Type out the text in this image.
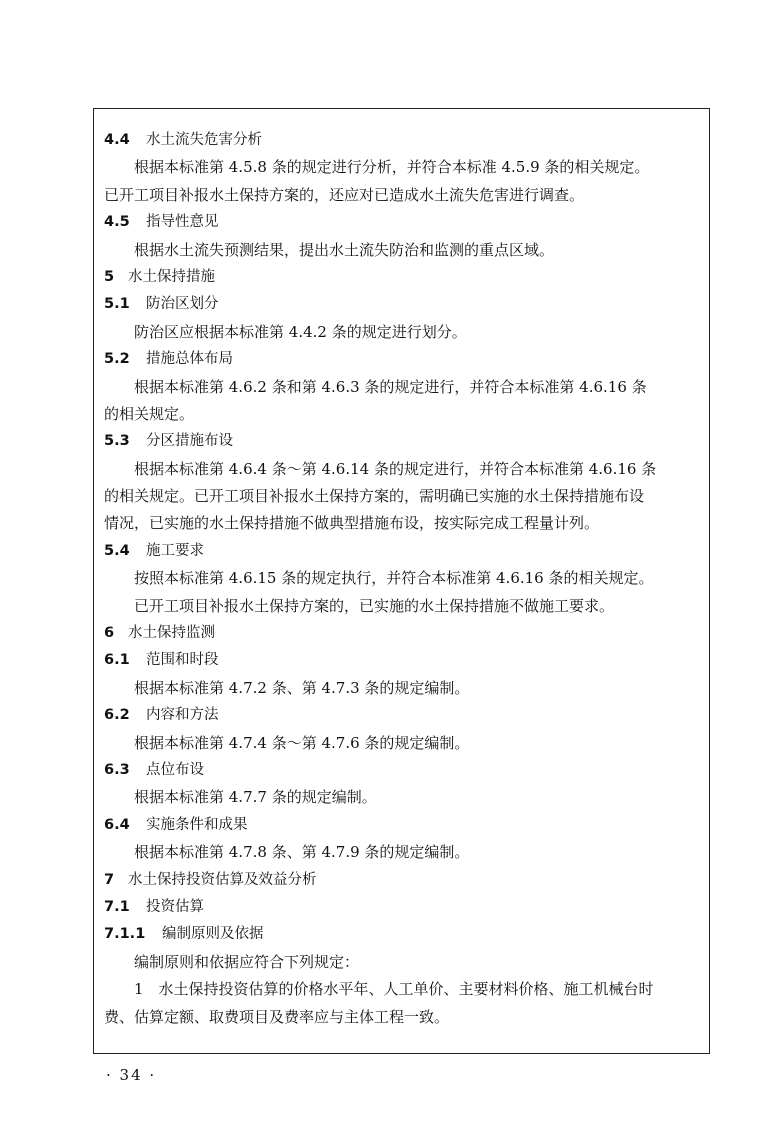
4.4 水土流失危害分析
根据本标准第 4.5.8 条的规定进行分析，并符合本标准 4.5.9 条的相关规定。
已开工项目补报水土保持方案的，还应对已造成水土流失危害进行调查。
4.5 指导性意见
根据水土流失预测结果，提出水土流失防治和监测的重点区域。
5 水土保持措施
5.1 防治区划分
防治区应根据本标准第 4.4.2 条的规定进行划分。
5.2 措施总体布局
根据本标准第 4.6.2 条和第 4.6.3 条的规定进行，并符合本标准第 4.6.16 条
的相关规定。
5.3 分区措施布设
根据本标准第 4.6.4 条～第 4.6.14 条的规定进行，并符合本标准第 4.6.16 条
的相关规定。已开工项目补报水土保持方案的，需明确已实施的水土保持措施布设
情况，已实施的水土保持措施不做典型措施布设，按实际完成工程量计列。
5.4 施工要求
按照本标准第 4.6.15 条的规定执行，并符合本标准第 4.6.16 条的相关规定。
已开工项目补报水土保持方案的，已实施的水土保持措施不做施工要求。
6 水土保持监测
6.1 范围和时段
根据本标准第 4.7.2 条、第 4.7.3 条的规定编制。
6.2 内容和方法
根据本标准第 4.7.4 条～第 4.7.6 条的规定编制。
6.3 点位布设
根据本标准第 4.7.7 条的规定编制。
6.4 实施条件和成果
根据本标准第 4.7.8 条、第 4.7.9 条的规定编制。
7 水土保持投资估算及效益分析
7.1 投资估算
7.1.1 编制原则及依据
编制原则和依据应符合下列规定：
1　水土保持投资估算的价格水平年、人工单价、主要材料价格、施工机械台时
费、估算定额、取费项目及费率应与主体工程一致。
· 34 ·
